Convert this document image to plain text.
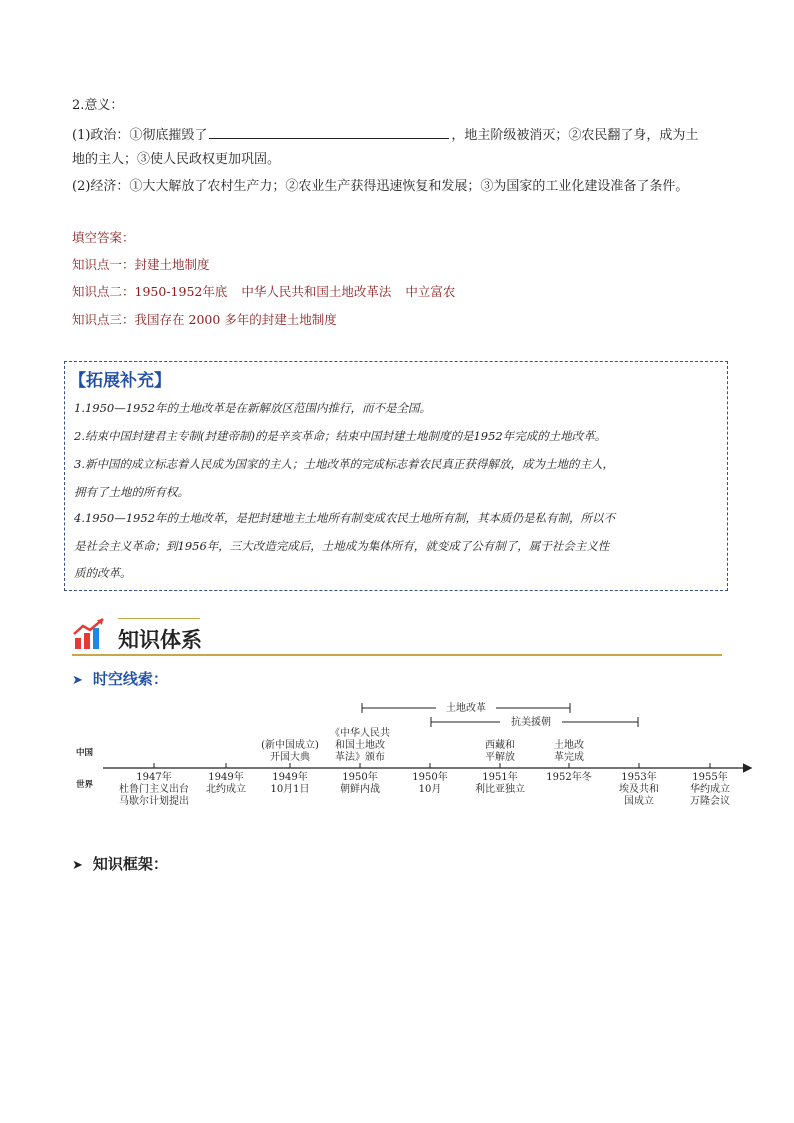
2.意义：
(1)政治：①彻底摧毁了	，地主阶级被消灭；②农民翻了身，成为土
地的主人；③使人民政权更加巩固。
(2)经济：①大大解放了农村生产力；②农业生产获得迅速恢复和发展；③为国家的工业化建设准备了条件。
填空答案：
知识点一：封建土地制度
知识点二：1950-1952年底 中华人民共和国土地改革法 中立富农
知识点三：我国存在 2000 多年的封建土地制度
【拓展补充】
1.1950—1952年的土地改革是在新解放区范围内推行，而不是全国。
2.结束中国封建君主专制(封建帝制)的是辛亥革命；结束中国封建土地制度的是1952年完成的土地改革。
3.新中国的成立标志着人民成为国家的主人；土地改革的完成标志着农民真正获得解放，成为土地的主人，
拥有了土地的所有权。
4.1950—1952年的土地改革，是把封建地主土地所有制变成农民土地所有制，其本质仍是私有制，所以不
是社会主义革命；到1956年，三大改造完成后，土地成为集体所有，就变成了公有制了，属于社会主义性
质的改革。
知识体系
➤ 时空线索：
➤ 知识框架：
中国
世界
土地改革
抗美援朝
1947年
杜鲁门主义出台
马歇尔计划提出
1949年
北约成立
1949年
10月1日
1950年
朝鲜内战
1950年
10月
1951年
利比亚独立
1952年冬	1953年
埃及共和
国成立
1955年
华约成立
万隆会议
(新中国成立)
开国大典
《中华人民共
和国土地改
革法》颁布
西藏和
平解放
土地改
革完成
